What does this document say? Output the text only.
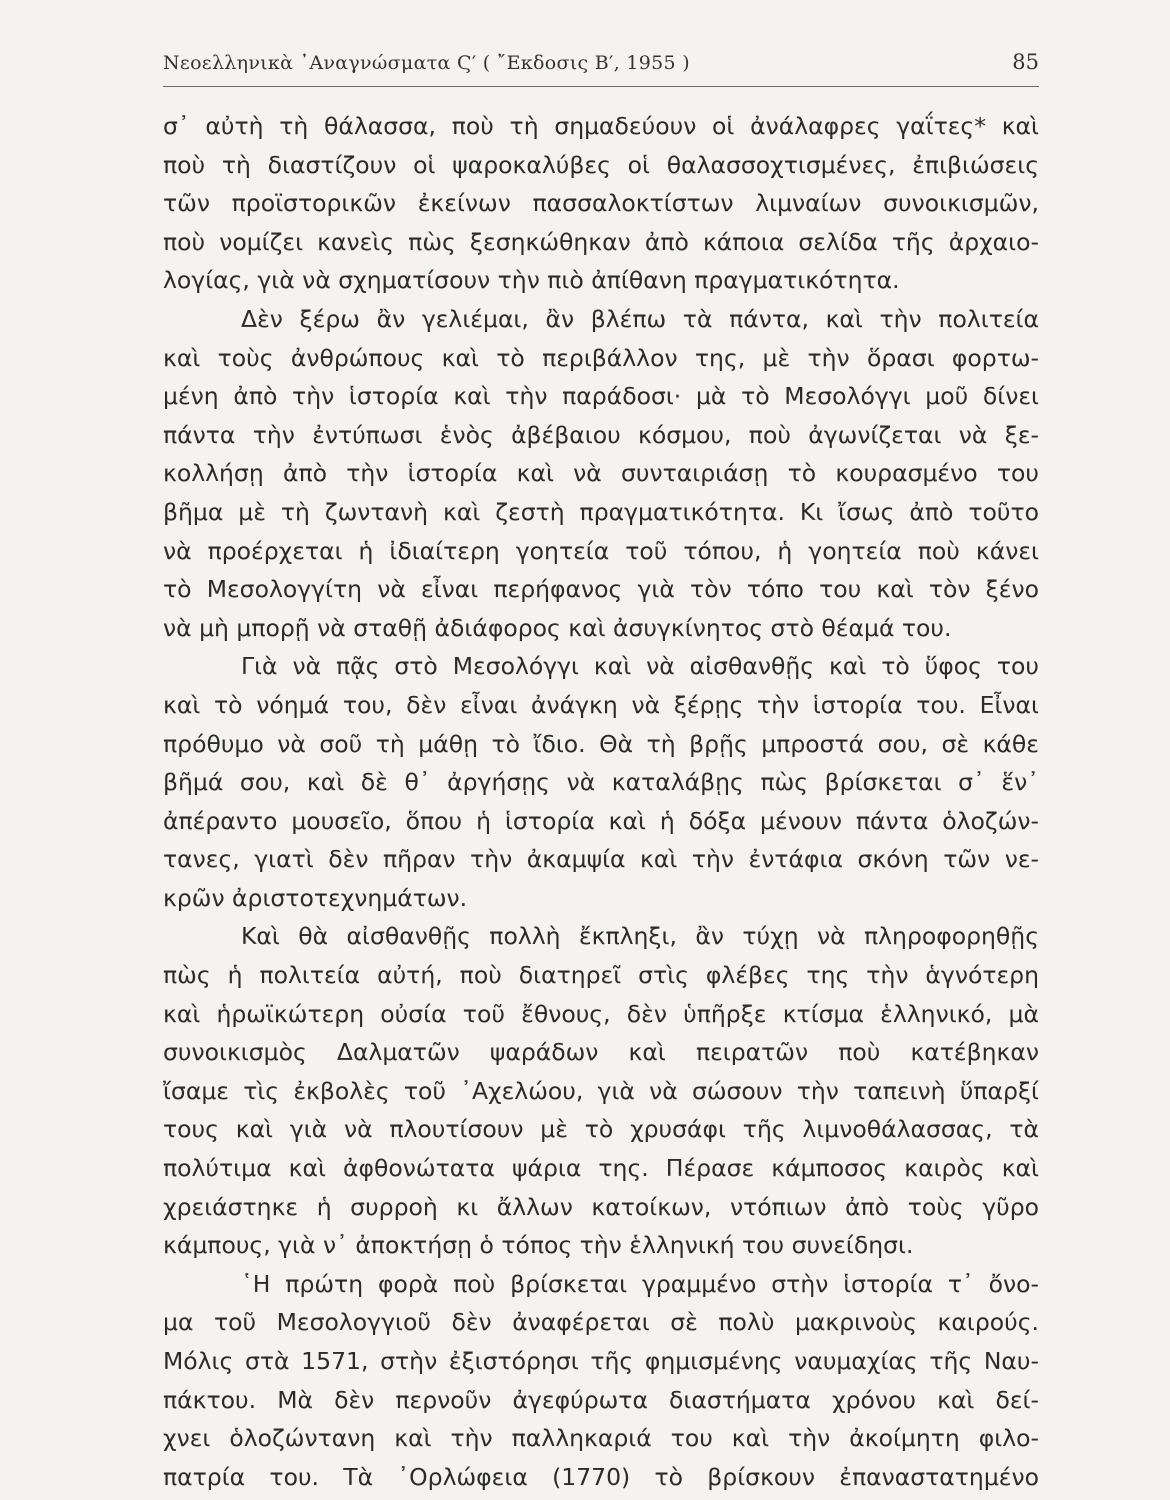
Νεοελληνικὰ ᾿Αναγνώσματα Ϛ′ ( ῎Εκδοσις Β′, 1955 )	85
σ᾿ αὐτὴ τὴ θάλασσα, ποὺ τὴ σημαδεύουν οἱ ἀνάλαφρες γαΐτες* καὶ
ποὺ τὴ διαστίζουν οἱ ψαροκαλύβες οἱ θαλασσοχτισμένες, ἐπιβιώσεις
τῶν προϊστορικῶν ἐκείνων πασσαλοκτίστων λιμναίων συνοικισμῶν,
ποὺ νομίζει κανεὶς πὼς ξεσηκώθηκαν ἀπὸ κάποια σελίδα τῆς ἀρχαιο-
λογίας, γιὰ νὰ σχηματίσουν τὴν πιὸ ἀπίθανη πραγματικότητα.
Δὲν ξέρω ἂν γελιέμαι, ἂν βλέπω τὰ πάντα, καὶ τὴν πολιτεία
καὶ τοὺς ἀνθρώπους καὶ τὸ περιβάλλον της, μὲ τὴν ὅρασι φορτω-
μένη ἀπὸ τὴν ἱστορία καὶ τὴν παράδοσι· μὰ τὸ Μεσολόγγι μοῦ δίνει
πάντα τὴν ἐντύπωσι ἑνὸς ἀβέβαιου κόσμου, ποὺ ἀγωνίζεται νὰ ξε-
κολλήσῃ ἀπὸ τὴν ἱστορία καὶ νὰ συνταιριάσῃ τὸ κουρασμένο του
βῆμα μὲ τὴ ζωντανὴ καὶ ζεστὴ πραγματικότητα. Κι ἴσως ἀπὸ τοῦτο
νὰ προέρχεται ἡ ἰδιαίτερη γοητεία τοῦ τόπου, ἡ γοητεία ποὺ κάνει
τὸ Μεσολογγίτη νὰ εἶναι περήφανος γιὰ τὸν τόπο του καὶ τὸν ξένο
νὰ μὴ μπορῇ νὰ σταθῇ ἀδιάφορος καὶ ἀσυγκίνητος στὸ θέαμά του.
Γιὰ νὰ πᾷς στὸ Μεσολόγγι καὶ νὰ αἰσθανθῇς καὶ τὸ ὕφος του
καὶ τὸ νόημά του, δὲν εἶναι ἀνάγκη νὰ ξέρῃς τὴν ἱστορία του. Εἶναι
πρόθυμο νὰ σοῦ τὴ μάθῃ τὸ ἴδιο. Θὰ τὴ βρῇς μπροστά σου, σὲ κάθε
βῆμά σου, καὶ δὲ θ᾿ ἀργήσῃς νὰ καταλάβῃς πὼς βρίσκεται σ᾿ ἕν᾿
ἀπέραντο μουσεῖο, ὅπου ἡ ἱστορία καὶ ἡ δόξα μένουν πάντα ὁλοζών-
τανες, γιατὶ δὲν πῆραν τὴν ἀκαμψία καὶ τὴν ἐντάφια σκόνη τῶν νε-
κρῶν ἀριστοτεχνημάτων.
Καὶ θὰ αἰσθανθῇς πολλὴ ἔκπληξι, ἂν τύχῃ νὰ πληροφορηθῇς
πὼς ἡ πολιτεία αὐτή, ποὺ διατηρεῖ στὶς φλέβες της τὴν ἁγνότερη
καὶ ἡρωϊκώτερη οὐσία τοῦ ἔθνους, δὲν ὑπῆρξε κτίσμα ἑλληνικό, μὰ
συνοικισμὸς Δαλματῶν ψαράδων καὶ πειρατῶν ποὺ κατέβηκαν
ἴσαμε τὶς ἐκβολὲς τοῦ ᾿Αχελώου, γιὰ νὰ σώσουν τὴν ταπεινὴ ὕπαρξί
τους καὶ γιὰ νὰ πλουτίσουν μὲ τὸ χρυσάφι τῆς λιμνοθάλασσας, τὰ
πολύτιμα καὶ ἀφθονώτατα ψάρια της. Πέρασε κάμποσος καιρὸς καὶ
χρειάστηκε ἡ συρροὴ κι ἄλλων κατοίκων, ντόπιων ἀπὸ τοὺς γῦρο
κάμπους, γιὰ ν᾿ ἀποκτήσῃ ὁ τόπος τὴν ἑλληνική του συνείδησι.
῾Η πρώτη φορὰ ποὺ βρίσκεται γραμμένο στὴν ἱστορία τ᾿ ὄνο-
μα τοῦ Μεσολογγιοῦ δὲν ἀναφέρεται σὲ πολὺ μακρινοὺς καιρούς.
Μόλις στὰ 1571, στὴν ἐξιστόρησι τῆς φημισμένης ναυμαχίας τῆς Ναυ-
πάκτου. Μὰ δὲν περνοῦν ἀγεφύρωτα διαστήματα χρόνου καὶ δεί-
χνει ὁλοζώντανη καὶ τὴν παλληκαριά του καὶ τὴν ἀκοίμητη φιλο-
πατρία του. Τὰ ᾿Ορλώφεια (1770) τὸ βρίσκουν ἐπαναστατημένο
